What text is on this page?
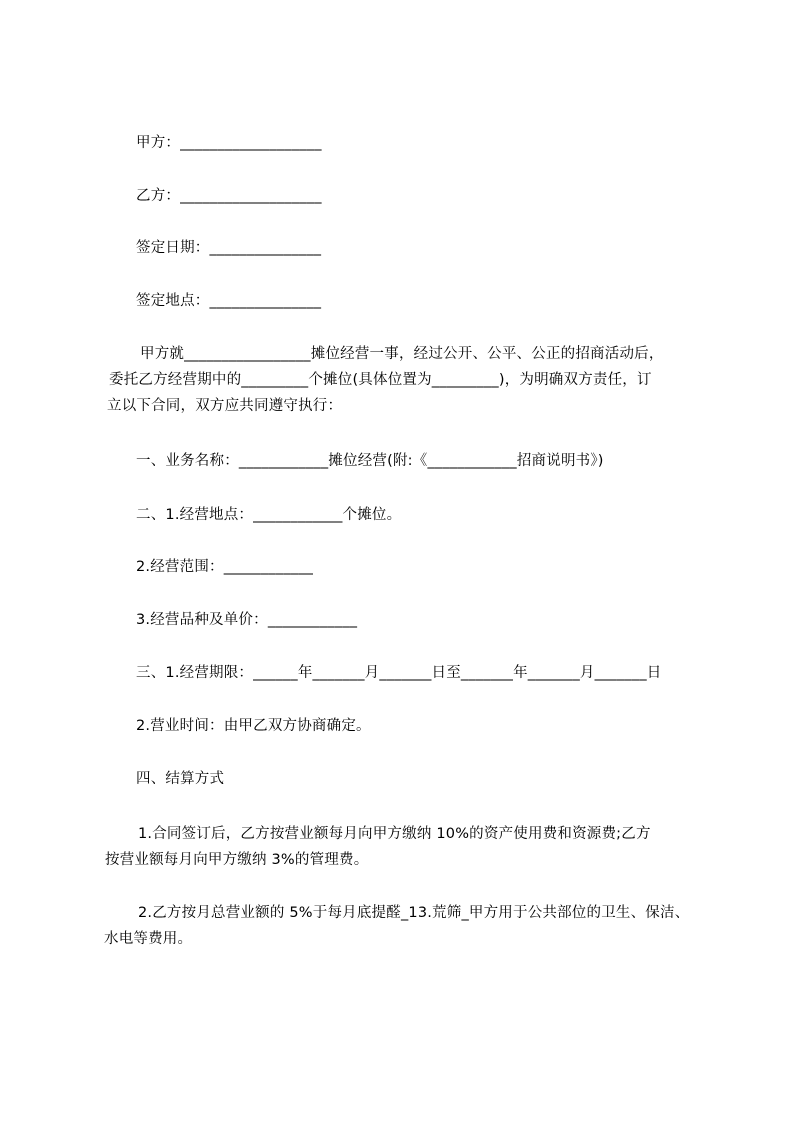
甲方：___________________
乙方：___________________
签定日期：_______________
签定地点：_______________
甲方就_________________摊位经营一事，经过公开、公平、公正的招商活动后，
委托乙方经营期中的_________个摊位(具体位置为_________)，为明确双方责任，订
立以下合同，双方应共同遵守执行：
一、业务名称：____________摊位经营(附:《____________招商说明书》)
二、1.经营地点：____________个摊位。
2.经营范围：____________
3.经营品种及单价：____________
三、1.经营期限：______年_______月_______日至_______年_______月_______日
2.营业时间：由甲乙双方协商确定。
四、结算方式
1.合同签订后，乙方按营业额每月向甲方缴纳 10%的资产使用费和资源费;乙方
按营业额每月向甲方缴纳 3%的管理费。
2.乙方按月总营业额的 5%于每月底提醛_13.荒筛_甲方用于公共部位的卫生、保洁、
水电等费用。
